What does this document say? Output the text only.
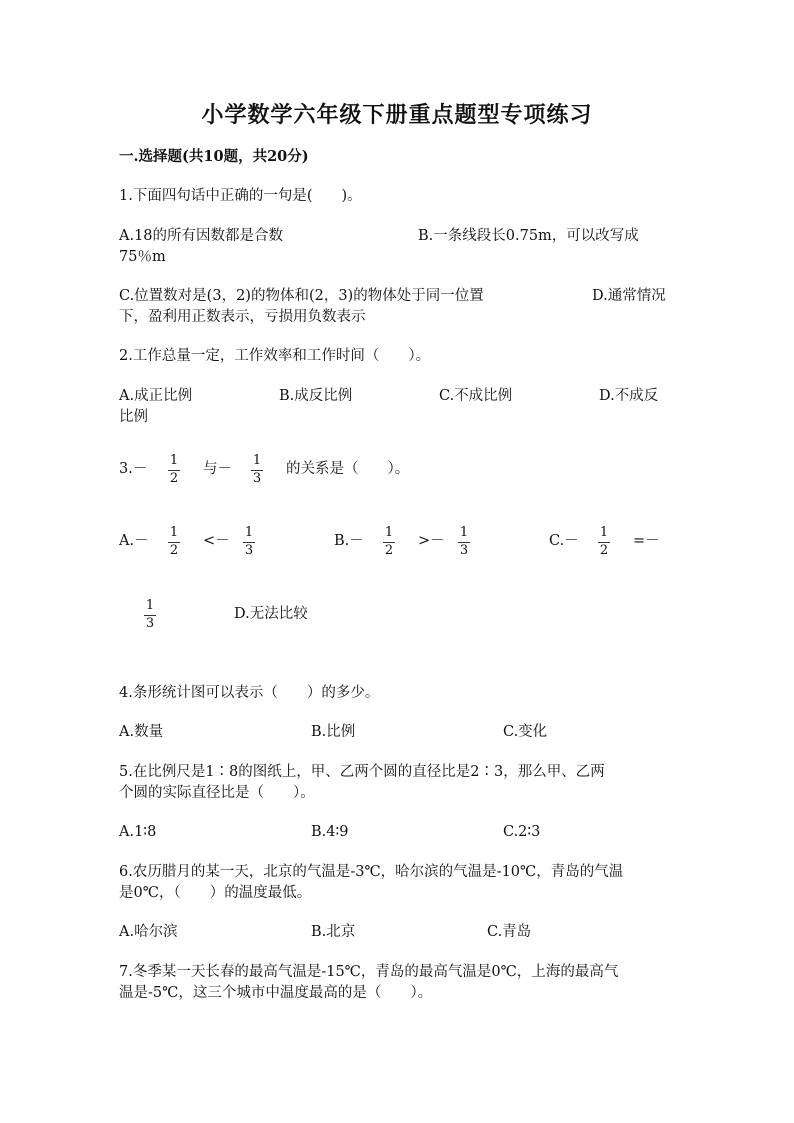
小学数学六年级下册重点题型专项练习
一.选择题(共10题，共20分)
1.下面四句话中正确的一句是(　　)。
A.18的所有因数都是合数	B.一条线段长0.75m，可以改写成
75％m
C.位置数对是(3，2)的物体和(2，3)的物体处于同一位置	D.通常情况
下，盈利用正数表示，亏损用负数表示
2.工作总量一定，工作效率和工作时间（　　）。
A.成正比例	B.成反比例	C.不成比例	D.不成反
比例
3.－
1
2
与－
1
3
的关系是（　　）。
A.－
1
2
<－
1
3
B.－
1
2
>－
1
3
C.－
1
2
=－
1
3
D.无法比较
4.条形统计图可以表示（　　）的多少。
A.数量	B.比例	C.变化
5.在比例尺是1∶8的图纸上，甲、乙两个圆的直径比是2∶3，那么甲、乙两
个圆的实际直径比是（　　）。
A.1∶8	B.4∶9	C.2∶3
6.农历腊月的某一天，北京的气温是-3℃，哈尔滨的气温是-10℃，青岛的气温
是0℃，（　　）的温度最低。
A.哈尔滨	B.北京	C.青岛
7.冬季某一天长春的最高气温是-15℃，青岛的最高气温是0℃，上海的最高气
温是-5℃，这三个城市中温度最高的是（　　）。
